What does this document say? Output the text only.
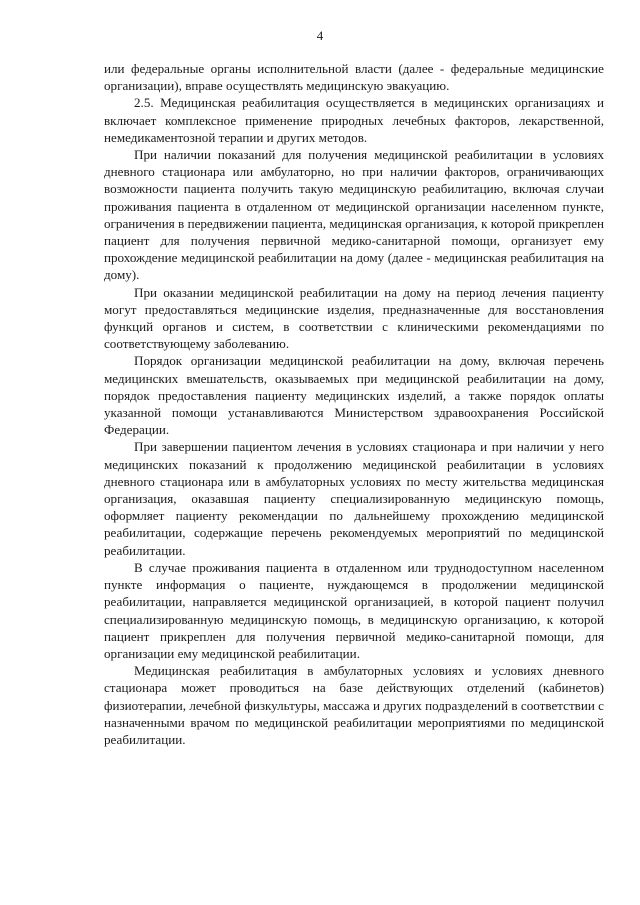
4

или федеральные органы исполнительной власти (далее - федеральные медицинские организации), вправе осуществлять медицинскую эвакуацию.

2.5. Медицинская реабилитация осуществляется в медицинских организациях и включает комплексное применение природных лечебных факторов, лекарственной, немедикаментозной терапии и других методов.

При наличии показаний для получения медицинской реабилитации в условиях дневного стационара или амбулаторно, но при наличии факторов, ограничивающих возможности пациента получить такую медицинскую реабилитацию, включая случаи проживания пациента в отдаленном от медицинской организации населенном пункте, ограничения в передвижении пациента, медицинская организация, к которой прикреплен пациент для получения первичной медико-санитарной помощи, организует ему прохождение медицинской реабилитации на дому (далее - медицинская реабилитация на дому).

При оказании медицинской реабилитации на дому на период лечения пациенту могут предоставляться медицинские изделия, предназначенные для восстановления функций органов и систем, в соответствии с клиническими рекомендациями по соответствующему заболеванию.

Порядок организации медицинской реабилитации на дому, включая перечень медицинских вмешательств, оказываемых при медицинской реабилитации на дому, порядок предоставления пациенту медицинских изделий, а также порядок оплаты указанной помощи устанавливаются Министерством здравоохранения Российской Федерации.

При завершении пациентом лечения в условиях стационара и при наличии у него медицинских показаний к продолжению медицинской реабилитации в условиях дневного стационара или в амбулаторных условиях по месту жительства медицинская организация, оказавшая пациенту специализированную медицинскую помощь, оформляет пациенту рекомендации по дальнейшему прохождению медицинской реабилитации, содержащие перечень рекомендуемых мероприятий по медицинской реабилитации.

В случае проживания пациента в отдаленном или труднодоступном населенном пункте информация о пациенте, нуждающемся в продолжении медицинской реабилитации, направляется медицинской организацией, в которой пациент получил специализированную медицинскую помощь, в медицинскую организацию, к которой пациент прикреплен для получения первичной медико-санитарной помощи, для организации ему медицинской реабилитации.

Медицинская реабилитация в амбулаторных условиях и условиях дневного стационара может проводиться на базе действующих отделений (кабинетов) физиотерапии, лечебной физкультуры, массажа и других подразделений в соответствии с назначенными врачом по медицинской реабилитации мероприятиями по медицинской реабилитации.
